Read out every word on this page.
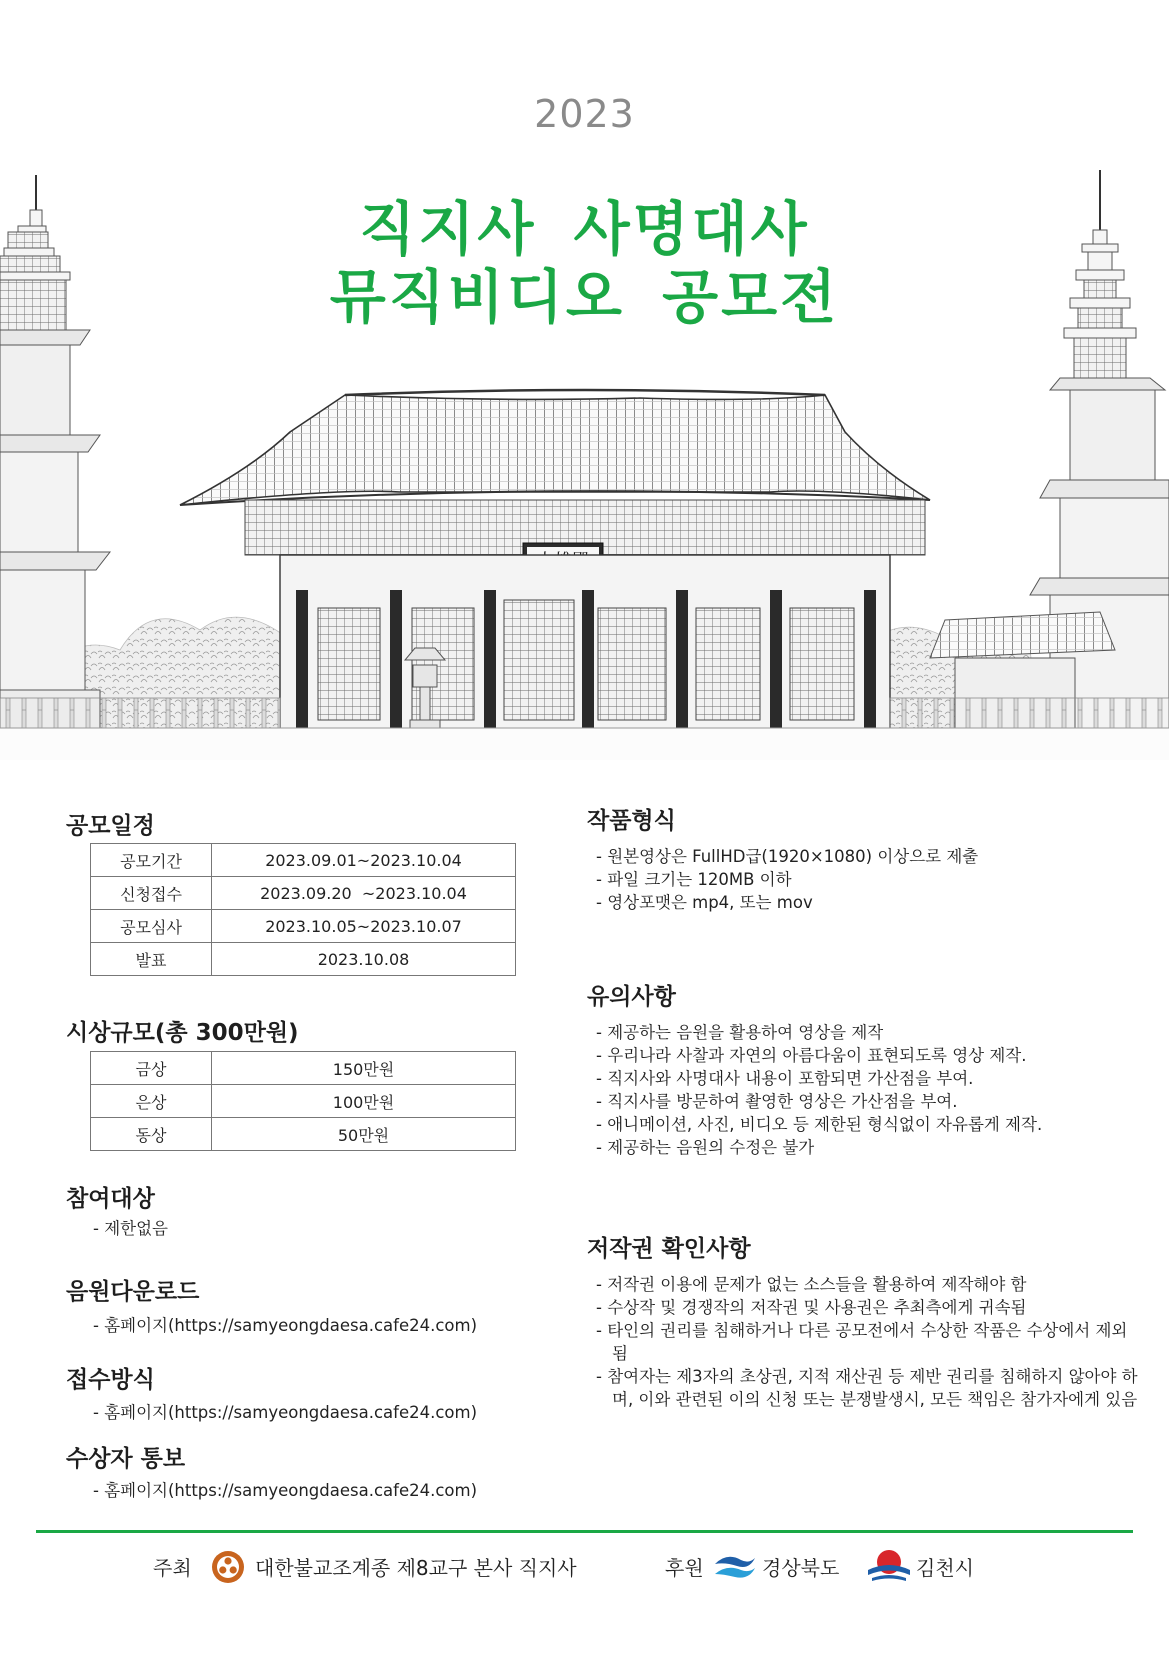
2023
직지사 사명대사
뮤직비디오 공모전
공모일정
공모기간	2023.09.01~2023.10.04
신청접수	2023.09.20  ~2023.10.04
공모심사	2023.10.05~2023.10.07
발표	2023.10.08
시상규모(총 300만원)
금상	150만원
은상	100만원
동상	50만원
참여대상
- 제한없음
음원다운로드
- 홈페이지(https://samyeongdaesa.cafe24.com)
접수방식
- 홈페이지(https://samyeongdaesa.cafe24.com)
수상자 통보
- 홈페이지(https://samyeongdaesa.cafe24.com)
작품형식
- 원본영상은 FullHD급(1920×1080) 이상으로 제출
- 파일 크기는 120MB 이하
- 영상포맷은 mp4, 또는 mov
유의사항
- 제공하는 음원을 활용하여 영상을 제작
- 우리나라 사찰과 자연의 아름다움이 표현되도록 영상 제작.
- 직지사와 사명대사 내용이 포함되면 가산점을 부여.
- 직지사를 방문하여 촬영한 영상은 가산점을 부여.
- 애니메이션, 사진, 비디오 등 제한된 형식없이 자유롭게 제작.
- 제공하는 음원의 수정은 불가
저작권 확인사항
- 저작권 이용에 문제가 없는 소스들을 활용하여 제작해야 함
- 수상작 및 경쟁작의 저작권 및 사용권은 추최측에게 귀속됨
- 타인의 권리를 침해하거나 다른 공모전에서 수상한 작품은 수상에서 제외됨
- 참여자는 제3자의 초상권, 지적 재산권 등 제반 권리를 침해하지 않아야 하며, 이와 관련된 이의 신청 또는 분쟁발생시, 모든 책임은 참가자에게 있음
주최	대한불교조계종 제8교구 본사 직지사	후원	경상북도	김천시
